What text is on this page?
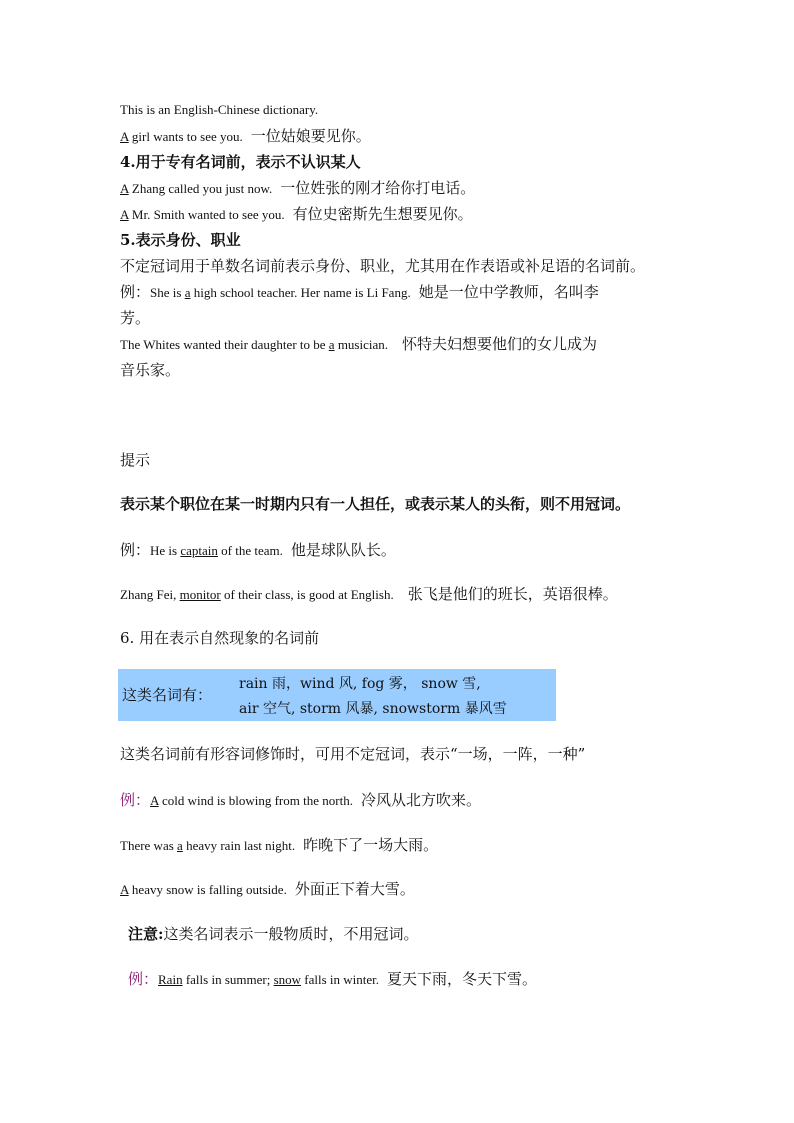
This is an English-Chinese dictionary.
A girl wants to see you. 一位姑娘要见你。
4.用于专有名词前，表示不认识某人
A Zhang called you just now. 一位姓张的刚才给你打电话。
A Mr. Smith wanted to see you. 有位史密斯先生想要见你。
5.表示身份、职业
不定冠词用于单数名词前表示身份、职业，尤其用在作表语或补足语的名词前。
例：She is a high school teacher. Her name is Li Fang. 她是一位中学教师，名叫李
芳。
The Whites wanted their daughter to be a musician. 怀特夫妇想要他们的女儿成为
音乐家。
提示
表示某个职位在某一时期内只有一人担任，或表示某人的头衔，则不用冠词。
例：He is captain of the team. 他是球队队长。
Zhang Fei, monitor of their class, is good at English. 张飞是他们的班长，英语很棒。
6. 用在表示自然现象的名词前
这类名词有：
rain 雨，wind 风, fog 雾， snow 雪,
air 空气, storm 风暴, snowstorm 暴风雪
这类名词前有形容词修饰时，可用不定冠词，表示“一场，一阵，一种”
例：A cold wind is blowing from the north. 冷风从北方吹来。
There was a heavy rain last night. 昨晚下了一场大雨。
A heavy snow is falling outside. 外面正下着大雪。
注意:这类名词表示一般物质时，不用冠词。
例：Rain falls in summer; snow falls in winter. 夏天下雨，冬天下雪。
